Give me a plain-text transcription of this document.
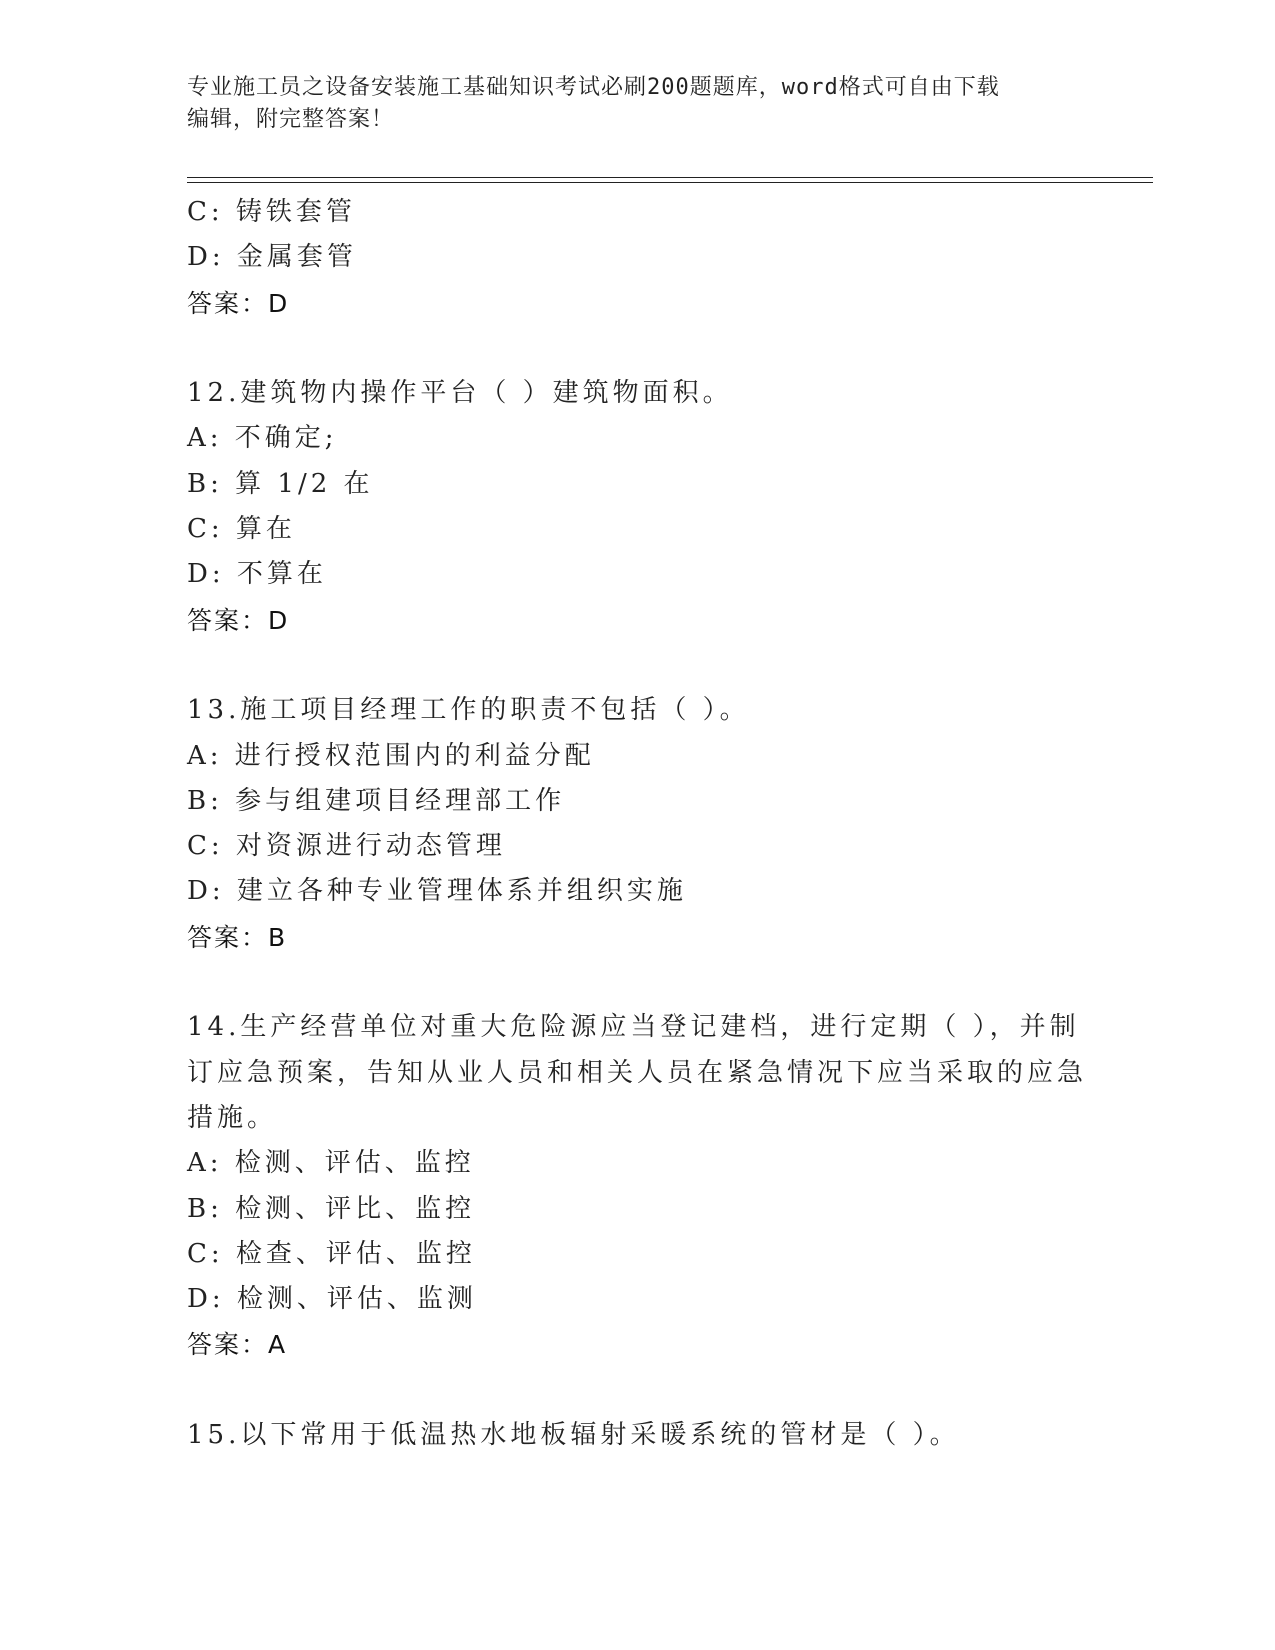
专业施工员之设备安装施工基础知识考试必刷200题题库，word格式可自由下载
编辑，附完整答案！
C: 铸铁套管
D: 金属套管
答案：D
12.建筑物内操作平台（ ）建筑物面积。
A: 不确定;
B: 算 1/2 在
C: 算在
D: 不算在
答案：D
13.施工项目经理工作的职责不包括（ ）。
A: 进行授权范围内的利益分配
B: 参与组建项目经理部工作
C: 对资源进行动态管理
D: 建立各种专业管理体系并组织实施
答案：B
14.生产经营单位对重大危险源应当登记建档，进行定期（ ），并制
订应急预案，告知从业人员和相关人员在紧急情况下应当采取的应急
措施。
A: 检测、评估、监控
B: 检测、评比、监控
C: 检查、评估、监控
D: 检测、评估、监测
答案：A
15.以下常用于低温热水地板辐射采暖系统的管材是（ ）。
